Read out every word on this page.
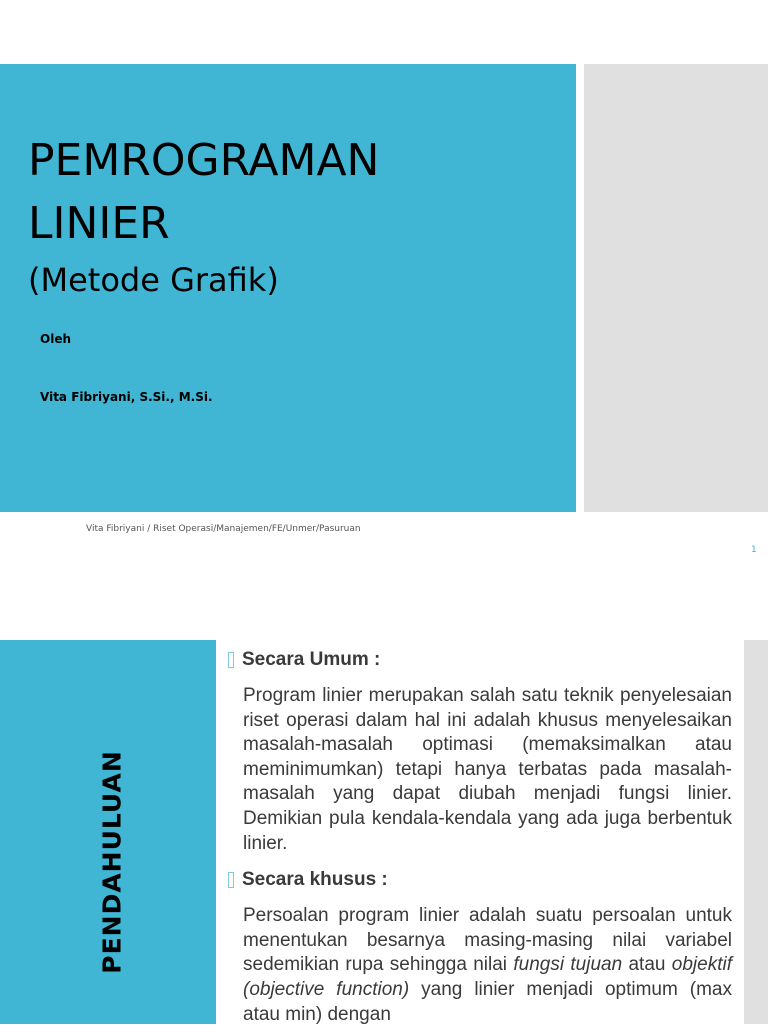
PEMROGRAMAN
LINIER
(Metode Grafik)
Oleh
Vita Fibriyani, S.Si., M.Si.
Vita Fibriyani / Riset Operasi/Manajemen/FE/Unmer/Pasuruan
1
PENDAHULUAN
Secara Umum :

Program linier merupakan salah satu teknik penyelesaian riset operasi dalam hal ini adalah khusus menyelesaikan masalah-masalah optimasi (memaksimalkan atau meminimumkan) tetapi hanya terbatas pada masalah-masalah yang dapat diubah menjadi fungsi linier. Demikian pula kendala-kendala yang ada juga berbentuk linier.

Secara khusus :

Persoalan program linier adalah suatu persoalan untuk menentukan besarnya masing-masing nilai variabel sedemikian rupa sehingga nilai fungsi tujuan atau objektif (objective function) yang linier menjadi optimum (max atau min) dengan
